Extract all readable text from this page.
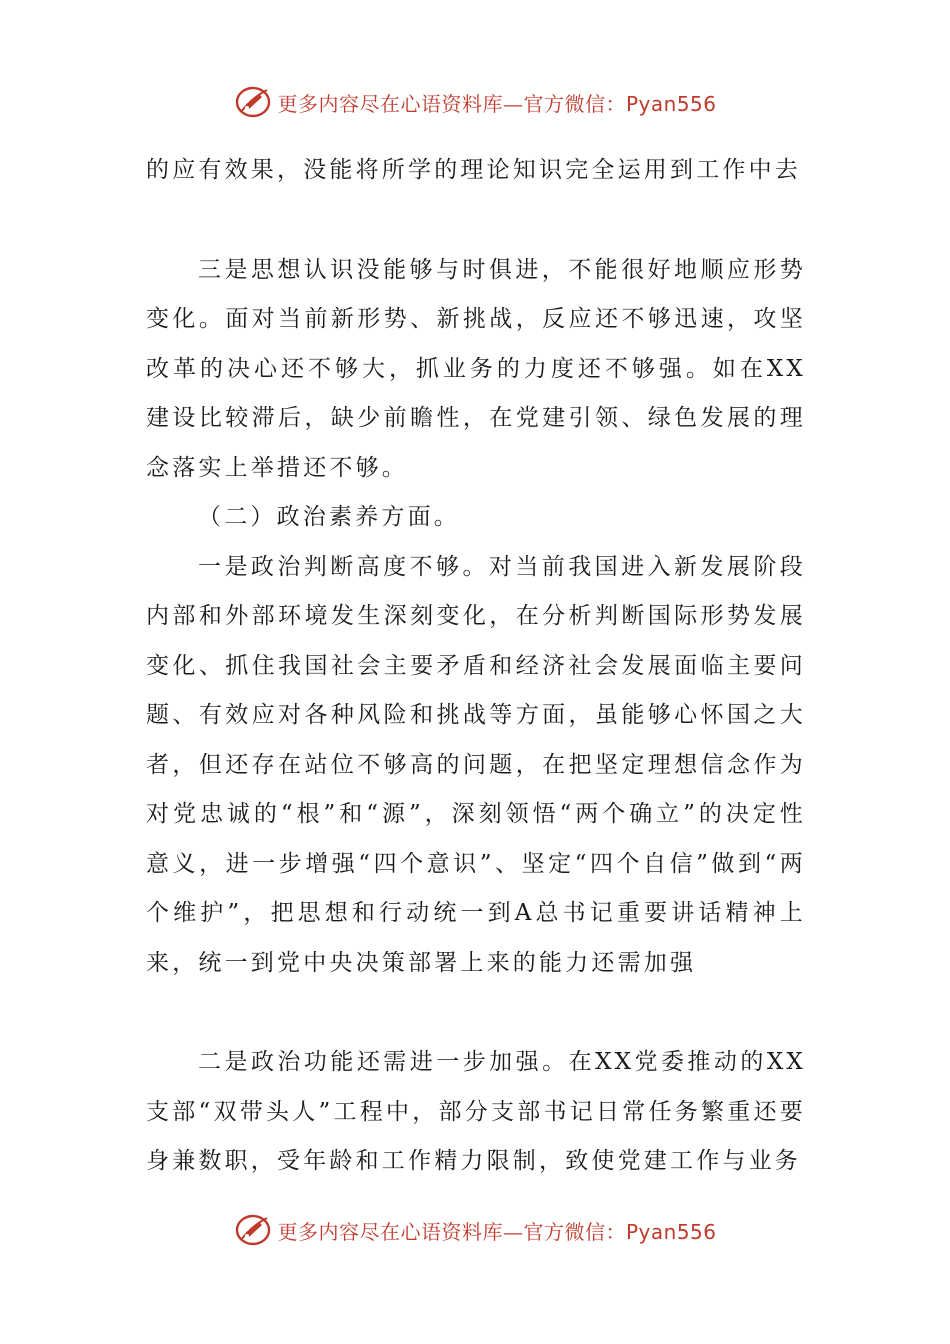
更多内容尽在心语资料库—官方微信：Pyan556

的应有效果，没能将所学的理论知识完全运用到工作中去

三是思想认识没能够与时俱进，不能很好地顺应形势变化。面对当前新形势、新挑战，反应还不够迅速，攻坚改革的决心还不够大，抓业务的力度还不够强。如在XX建设比较滞后，缺少前瞻性，在党建引领、绿色发展的理念落实上举措还不够。

（二）政治素养方面。

一是政治判断高度不够。对当前我国进入新发展阶段内部和外部环境发生深刻变化，在分析判断国际形势发展变化、抓住我国社会主要矛盾和经济社会发展面临主要问题、有效应对各种风险和挑战等方面，虽能够心怀国之大者，但还存在站位不够高的问题，在把坚定理想信念作为对党忠诚的“根”和“源”，深刻领悟“两个确立”的决定性意义，进一步增强“四个意识”、坚定“四个自信”做到“两个维护”，把思想和行动统一到A总书记重要讲话精神上来，统一到党中央决策部署上来的能力还需加强

二是政治功能还需进一步加强。在XX党委推动的XX支部“双带头人”工程中，部分支部书记日常任务繁重还要身兼数职，受年龄和工作精力限制，致使党建工作与业务

更多内容尽在心语资料库—官方微信：Pyan556
